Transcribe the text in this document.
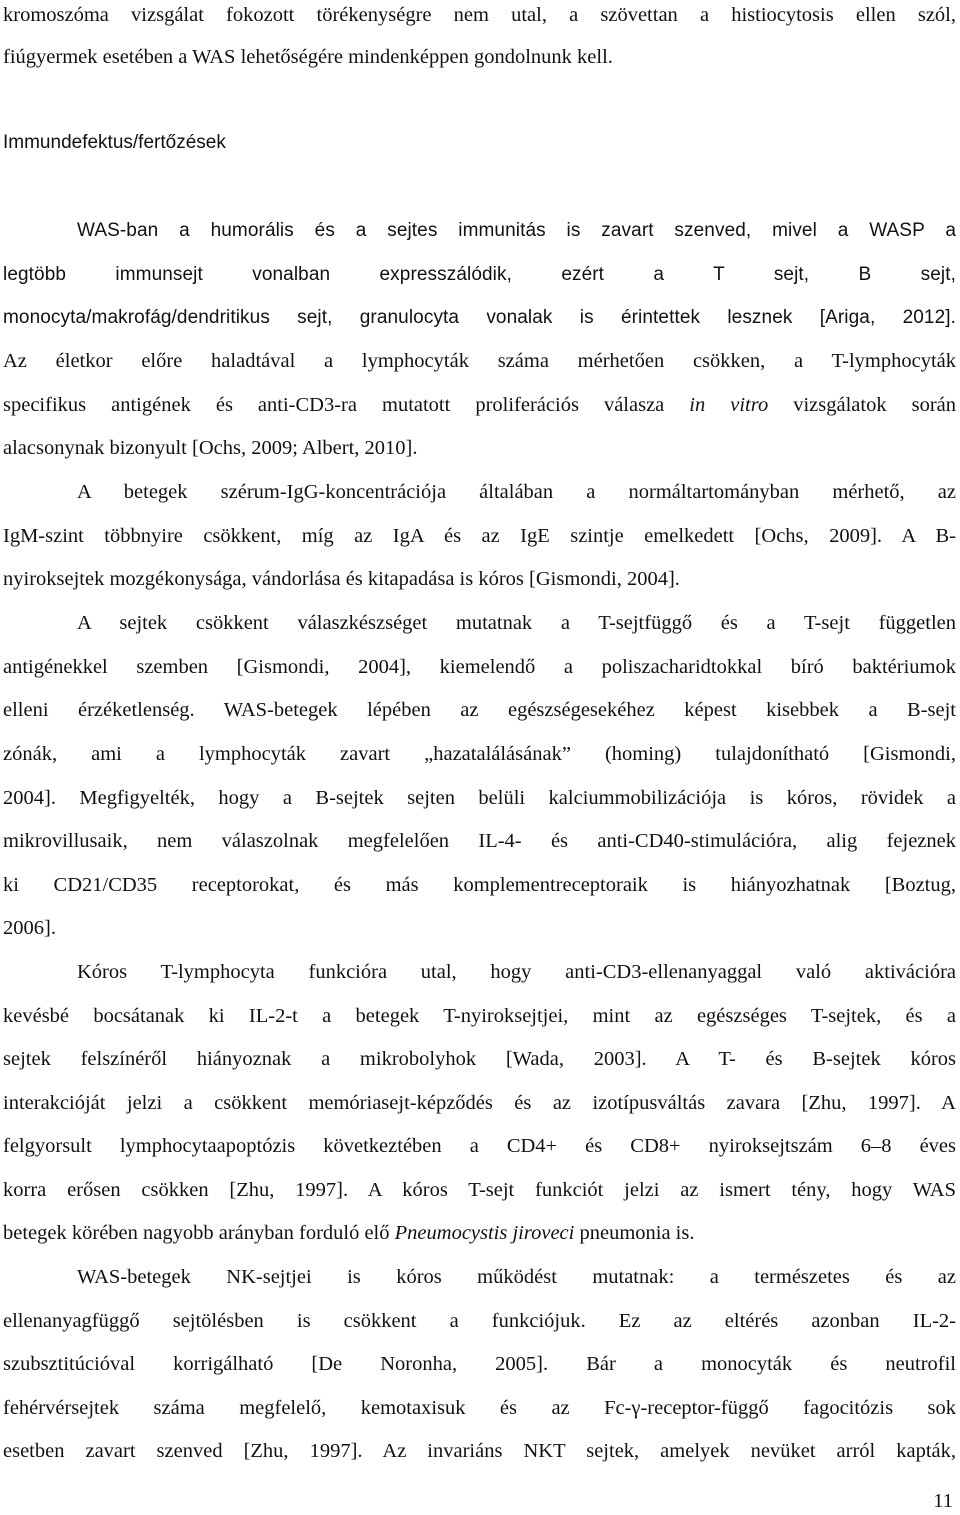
kromoszóma vizsgálat fokozott törékenységre nem utal, a szövettan a histiocytosis ellen szól,
fiúgyermek esetében a WAS lehetőségére mindenképpen gondolnunk kell.
Immundefektus/fertőzések
WAS-ban a humorális és a sejtes immunitás is zavart szenved, mivel a WASP a
legtöbb immunsejt vonalban expresszálódik, ezért a T sejt, B sejt,
monocyta/makrofág/dendritikus sejt, granulocyta vonalak is érintettek lesznek [Ariga, 2012].
Az életkor előre haladtával a lymphocyták száma mérhetően csökken, a T-lymphocyták
specifikus antigének és anti-CD3-ra mutatott proliferációs válasza in vitro vizsgálatok során
alacsonynak bizonyult [Ochs, 2009; Albert, 2010].
A betegek szérum-IgG-koncentrációja általában a normáltartományban mérhető, az
IgM-szint többnyire csökkent, míg az IgA és az IgE szintje emelkedett [Ochs, 2009]. A B-
nyiroksejtek mozgékonysága, vándorlása és kitapadása is kóros [Gismondi, 2004].
A sejtek csökkent válaszkészséget mutatnak a T-sejtfüggő és a T-sejt független
antigénekkel szemben [Gismondi, 2004], kiemelendő a poliszacharidtokkal bíró baktériumok
elleni érzéketlenség. WAS-betegek lépében az egészségesekéhez képest kisebbek a B-sejt
zónák, ami a lymphocyták zavart „hazatalálásának” (homing) tulajdonítható [Gismondi,
2004]. Megfigyelték, hogy a B-sejtek sejten belüli kalciummobilizációja is kóros, rövidek a
mikrovillusaik, nem válaszolnak megfelelően IL-4- és anti-CD40-stimulációra, alig fejeznek
ki CD21/CD35 receptorokat, és más komplementreceptoraik is hiányozhatnak [Boztug,
2006].
Kóros T-lymphocyta funkcióra utal, hogy anti-CD3-ellenanyaggal való aktivációra
kevésbé bocsátanak ki IL-2-t a betegek T-nyiroksejtjei, mint az egészséges T-sejtek, és a
sejtek felszínéről hiányoznak a mikrobolyhok [Wada, 2003]. A T- és B-sejtek kóros
interakcióját jelzi a csökkent memóriasejt-képződés és az izotípusváltás zavara [Zhu, 1997]. A
felgyorsult lymphocytaapoptózis következtében a CD4+ és CD8+ nyiroksejtszám 6–8 éves
korra erősen csökken [Zhu, 1997]. A kóros T-sejt funkciót jelzi az ismert tény, hogy WAS
betegek körében nagyobb arányban forduló elő Pneumocystis jiroveci pneumonia is.
WAS-betegek NK-sejtjei is kóros működést mutatnak: a természetes és az
ellenanyagfüggő sejtölésben is csökkent a funkciójuk. Ez az eltérés azonban IL-2-
szubsztitúcióval korrigálható [De Noronha, 2005]. Bár a monocyták és neutrofil
fehérvérsejtek száma megfelelő, kemotaxisuk és az Fc-γ-receptor-függő fagocitózis sok
esetben zavart szenved [Zhu, 1997]. Az invariáns NKT sejtek, amelyek nevüket arról kapták,
11
